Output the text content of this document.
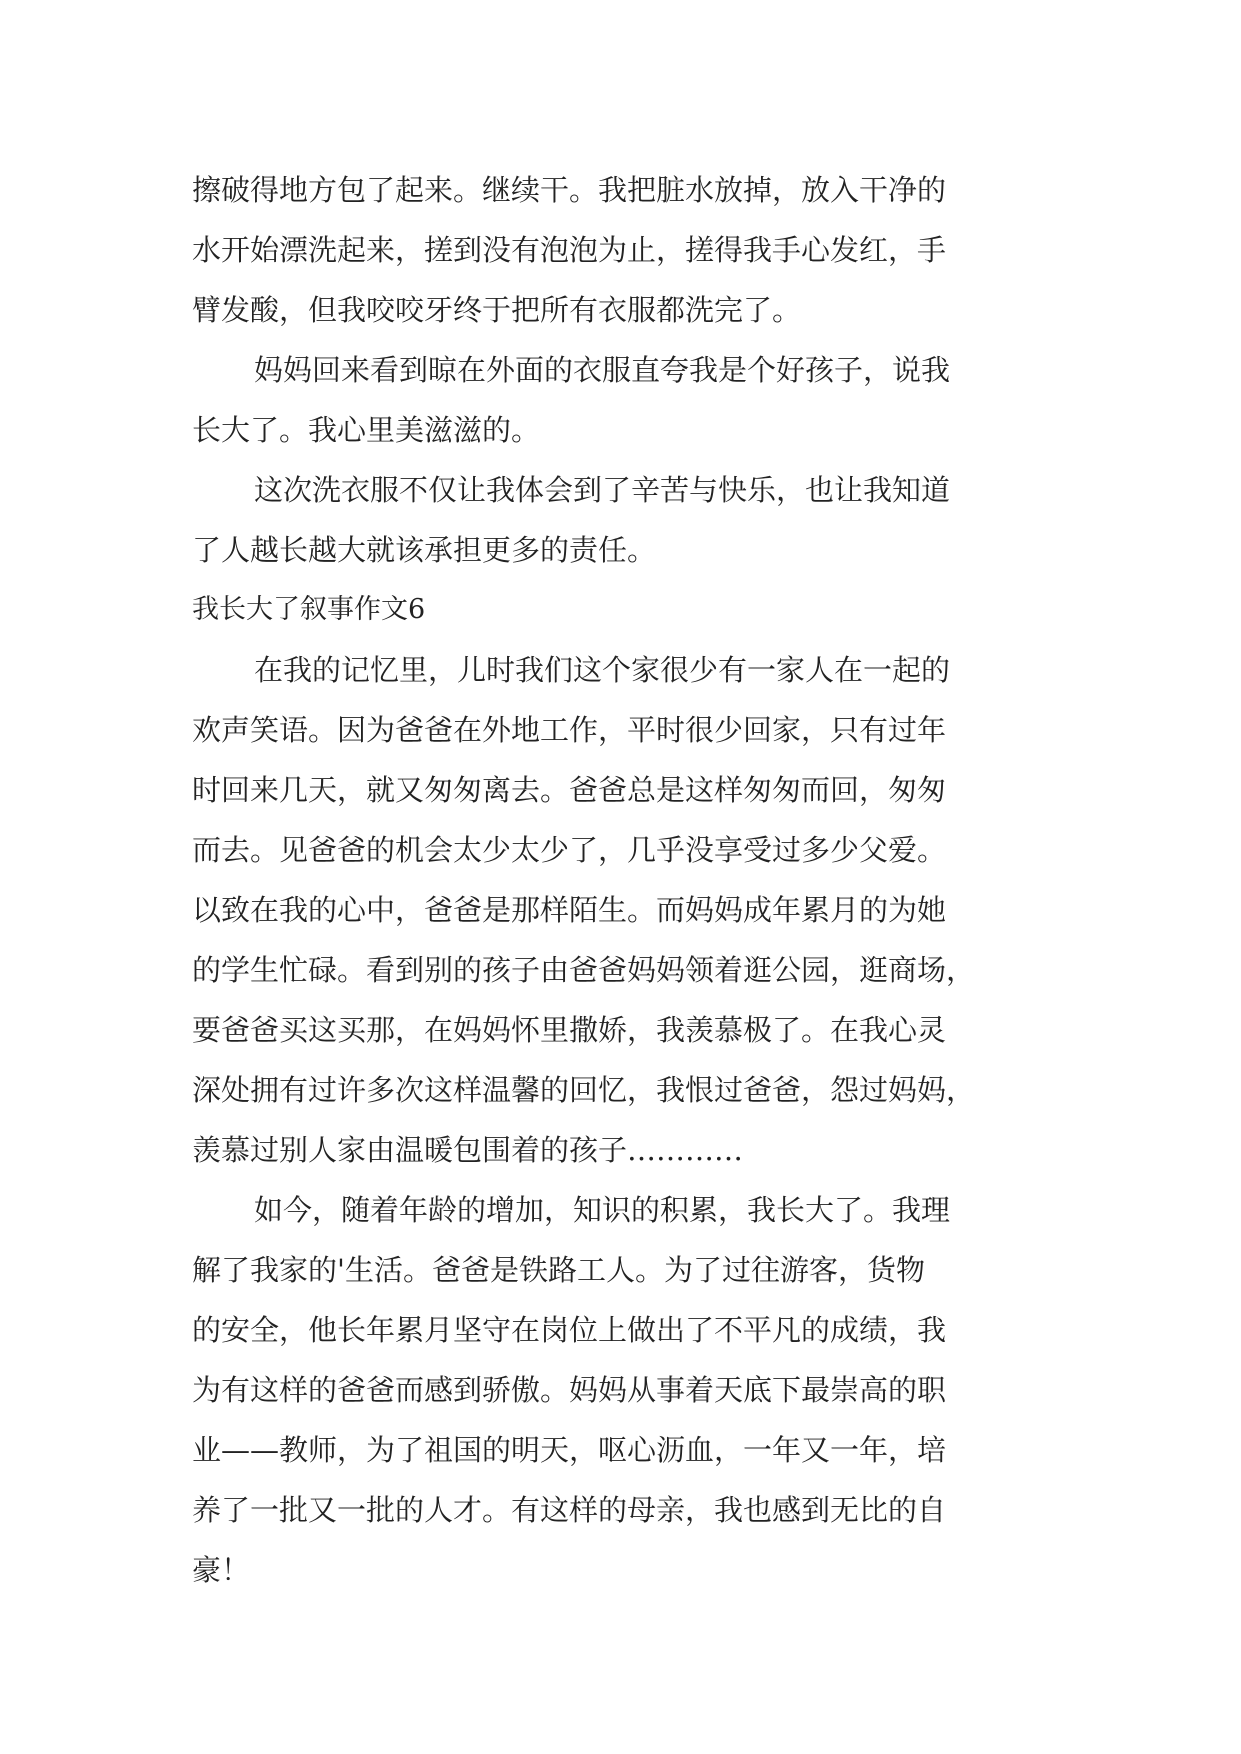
擦破得地方包了起来。继续干。我把脏水放掉，放入干净的
水开始漂洗起来，搓到没有泡泡为止，搓得我手心发红，手
臂发酸，但我咬咬牙终于把所有衣服都洗完了。
妈妈回来看到晾在外面的衣服直夸我是个好孩子，说我
长大了。我心里美滋滋的。
这次洗衣服不仅让我体会到了辛苦与快乐，也让我知道
了人越长越大就该承担更多的责任。
我长大了叙事作文6
在我的记忆里，儿时我们这个家很少有一家人在一起的
欢声笑语。因为爸爸在外地工作，平时很少回家，只有过年
时回来几天，就又匆匆离去。爸爸总是这样匆匆而回，匆匆
而去。见爸爸的机会太少太少了，几乎没享受过多少父爱。
以致在我的心中，爸爸是那样陌生。而妈妈成年累月的为她
的学生忙碌。看到别的孩子由爸爸妈妈领着逛公园，逛商场，
要爸爸买这买那，在妈妈怀里撒娇，我羡慕极了。在我心灵
深处拥有过许多次这样温馨的回忆，我恨过爸爸，怨过妈妈，
羡慕过别人家由温暖包围着的孩子…………
如今，随着年龄的增加，知识的积累，我长大了。我理
解了我家的'生活。爸爸是铁路工人。为了过往游客，货物
的安全，他长年累月坚守在岗位上做出了不平凡的成绩，我
为有这样的爸爸而感到骄傲。妈妈从事着天底下最崇高的职
业——教师，为了祖国的明天，呕心沥血，一年又一年，培
养了一批又一批的人才。有这样的母亲，我也感到无比的自
豪！
